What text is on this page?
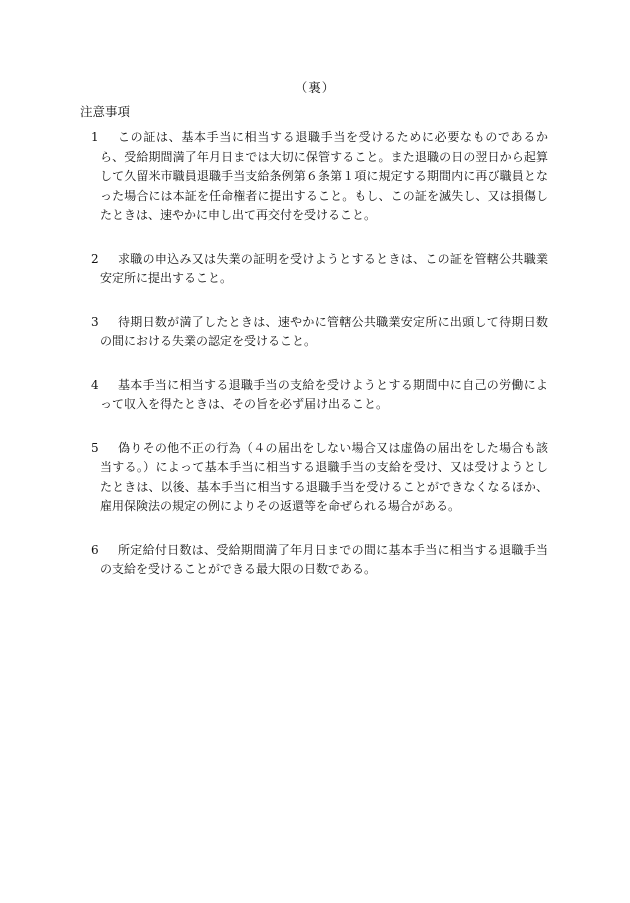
（裏）
注意事項
1	この証は、基本手当に相当する退職手当を受けるために必要なものであるから、受給期間満了年月日までは大切に保管すること。また退職の日の翌日から起算して久留米市職員退職手当支給条例第６条第１項に規定する期間内に再び職員となった場合には本証を任命権者に提出すること。もし、この証を滅失し、又は損傷したときは、速やかに申し出て再交付を受けること。
2	求職の申込み又は失業の証明を受けようとするときは、この証を管轄公共職業安定所に提出すること。
3	待期日数が満了したときは、速やかに管轄公共職業安定所に出頭して待期日数の間における失業の認定を受けること。
4	基本手当に相当する退職手当の支給を受けようとする期間中に自己の労働によって収入を得たときは、その旨を必ず届け出ること。
5	偽りその他不正の行為（４の届出をしない場合又は虚偽の届出をした場合も該当する。）によって基本手当に相当する退職手当の支給を受け、又は受けようとしたときは、以後、基本手当に相当する退職手当を受けることができなくなるほか、雇用保険法の規定の例によりその返還等を命ぜられる場合がある。
6	所定給付日数は、受給期間満了年月日までの間に基本手当に相当する退職手当の支給を受けることができる最大限の日数である。
